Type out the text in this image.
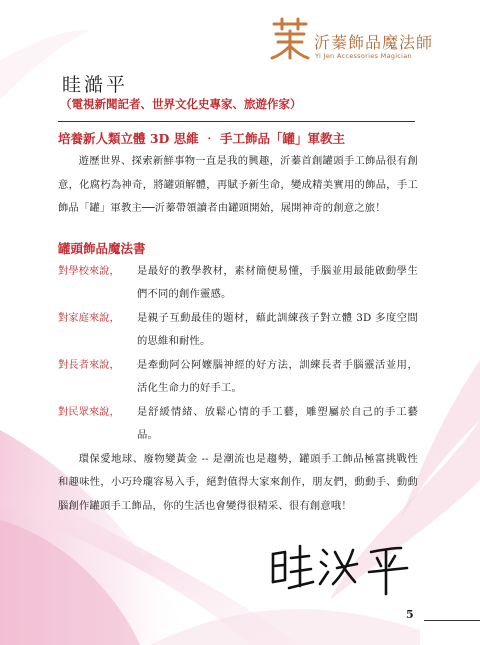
沂蓁飾品魔法師
Yi Jen Accessories Magician
眭澔平
（電視新聞記者、世界文化史專家、旅遊作家）

培養新人類立體 3D 思維 ‧ 手工飾品「罐」軍教主

遊歷世界、探索新鮮事物一直是我的興趣，沂蓁首創罐頭手工飾品很有創意，化腐朽為神奇，將罐頭解體，再賦予新生命，變成精美實用的飾品，手工飾品「罐」軍教主──沂蓁帶領讀者由罐頭開始，展開神奇的創意之旅！

罐頭飾品魔法書

對學校來說，	是最好的教學教材，素材簡便易懂，手腦並用最能啟動學生們不同的創作靈感。
對家庭來說，	是親子互動最佳的題材，藉此訓練孩子對立體 3D 多度空間的思維和耐性。
對長者來說，	是牽動阿公阿嬤腦神經的好方法，訓練長者手腦靈活並用，活化生命力的好手工。
對民眾來說，	是舒緩情緒、放鬆心情的手工藝，雕塑屬於自己的手工藝品。

環保愛地球、廢物變黃金 -- 是潮流也是趨勢，罐頭手工飾品極富挑戰性和趣味性，小巧玲瓏容易入手，絕對值得大家來創作，朋友們，動動手、動動腦創作罐頭手工飾品，你的生活也會變得很精采、很有創意哦！

5
